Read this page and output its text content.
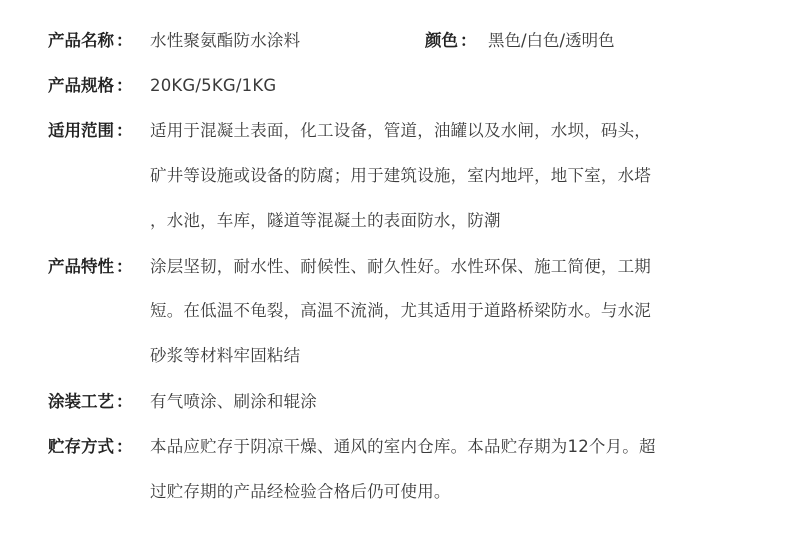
产品名称 ： 水性聚氨酯防水涂料	颜色 ： 黑色/白色/透明色
产品规格 ： 20KG/5KG/1KG
适用范围 ： 适用于混凝土表面，化工设备，管道，油罐以及水闸，水坝，码头，
矿井等设施或设备的防腐；用于建筑设施，室内地坪，地下室，水塔
，水池，车库，隧道等混凝土的表面防水，防潮
产品特性 ： 涂层坚韧，耐水性、耐候性、耐久性好。水性环保、施工简便，工期
短。在低温不龟裂，高温不流淌，尤其适用于道路桥梁防水。与水泥
砂浆等材料牢固粘结
涂装工艺 ： 有气喷涂、刷涂和辊涂
贮存方式 ： 本品应贮存于阴凉干燥、通风的室内仓库。本品贮存期为12个月。超
过贮存期的产品经检验合格后仍可使用。
